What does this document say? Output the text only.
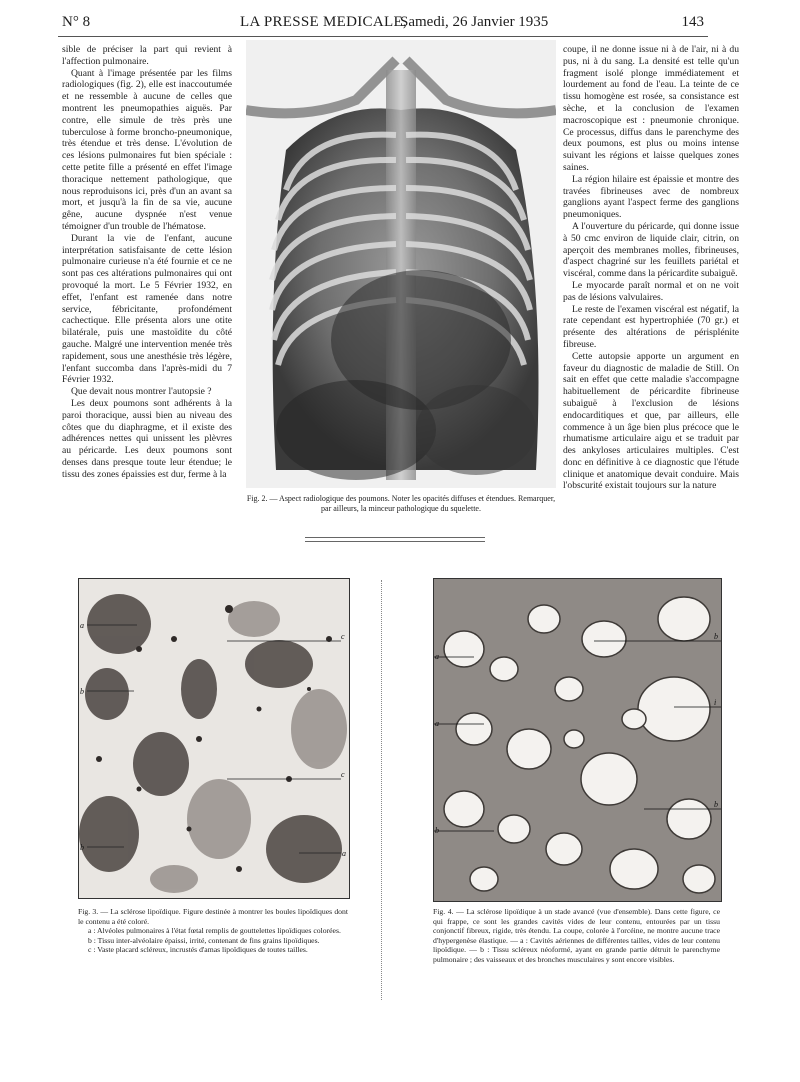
N° 8	LA PRESSE MEDICALE,
Samedi, 26 Janvier 1935	143

sible de préciser la part qui revient à l'affection pulmonaire.

Quant à l'image présentée par les films radiologiques (fig. 2), elle est inaccoutumée et ne ressemble à aucune de celles que montrent les pneumopathies aiguës. Par contre, elle simule de très près une tuberculose à forme broncho-pneumonique, très étendue et très dense. L'évolution de ces lésions pulmonaires fut bien spéciale : cette petite fille a présenté en effet l'image thoracique nettement pathologique, que nous reproduisons ici, près d'un an avant sa mort, et jusqu'à la fin de sa vie, aucune gêne, aucune dyspnée n'est venue témoigner d'un trouble de l'hématose.

Durant la vie de l'enfant, aucune interprétation satisfaisante de cette lésion pulmonaire curieuse n'a été fournie et ce ne sont pas ces altérations pulmonaires qui ont provoqué la mort. Le 5 Février 1932, en effet, l'enfant est ramenée dans notre service, fébricitante, profondément cachectique. Elle présenta alors une otite bilatérale, puis une mastoïdite du côté gauche. Malgré une intervention menée très rapidement, sous une anesthésie très légère, l'enfant succomba dans l'après-midi du 7 Février 1932.

Que devait nous montrer l'autopsie ?

Les deux poumons sont adhérents à la paroi thoracique, aussi bien au niveau des côtes que du diaphragme, et il existe des adhérences nettes qui unissent les plèvres au péricarde. Les deux poumons sont denses dans presque toute leur étendue; le tissu des zones épaissies est dur, ferme à la

Fig. 2. — Aspect radiologique des poumons. Noter les opacités diffuses et étendues. Remarquer, par ailleurs, la minceur pathologique du squelette.

coupe, il ne donne issue ni à de l'air, ni à du pus, ni à du sang. La densité est telle qu'un fragment isolé plonge immédiatement et lourdement au fond de l'eau. La teinte de ce tissu homogène est rosée, sa consistance est sèche, et la conclusion de l'examen macroscopique est : pneumonie chronique. Ce processus, diffus dans le parenchyme des deux poumons, est plus ou moins intense suivant les régions et laisse quelques zones saines.

La région hilaire est épaissie et montre des travées fibrineuses avec de nombreux ganglions ayant l'aspect ferme des ganglions pneumoniques.

A l'ouverture du péricarde, qui donne issue à 50 cmc environ de liquide clair, citrin, on aperçoit des membranes molles, fibrineuses, d'aspect chagriné sur les feuillets pariétal et viscéral, comme dans la péricardite subaiguë.

Le myocarde paraît normal et on ne voit pas de lésions valvulaires.

Le reste de l'examen viscéral est négatif, la rate cependant est hypertrophiée (70 gr.) et présente des altérations de périsplénite fibreuse.

Cette autopsie apporte un argument en faveur du diagnostic de maladie de Still. On sait en effet que cette maladie s'accompagne habituellement de péricardite fibrineuse subaiguë à l'exclusion de lésions endocarditiques et que, par ailleurs, elle commence à un âge bien plus précoce que le rhumatisme articulaire aigu et se traduit par des ankyloses articulaires multiples. C'est donc en définitive à ce diagnostic que l'étude clinique et anatomique devait conduire. Mais l'obscurité existait toujours sur la nature

a
b
c
c
b
a

Fig. 3. — La sclérose lipoïdique. Figure destinée à montrer les boules lipoïdiques dont le contenu a été coloré.

a : Alvéoles pulmonaires à l'état fœtal remplis de gouttelettes lipoïdiques colorées.

b : Tissu inter-alvéolaire épaissi, irrité, contenant de fins grains lipoïdiques.

c : Vaste placard scléreux, incrustés d'amas lipoïdiques de toutes tailles.

a
b
a
b
i
b

Fig. 4. — La sclérose lipoïdique à un stade avancé (vue d'ensemble). Dans cette figure, ce qui frappe, ce sont les grandes cavités vides de leur contenu, entourées par un tissu conjonctif fibreux, rigide, très étendu. La coupe, colorée à l'orcéine, ne montre aucune trace d'hypergenèse élastique. — a : Cavités aériennes de différentes tailles, vides de leur contenu lipoïdique. — b : Tissu scléreux néoformé, ayant en grande partie détruit le parenchyme pulmonaire ; des vaisseaux et des bronches musculaires y sont encore visibles.
